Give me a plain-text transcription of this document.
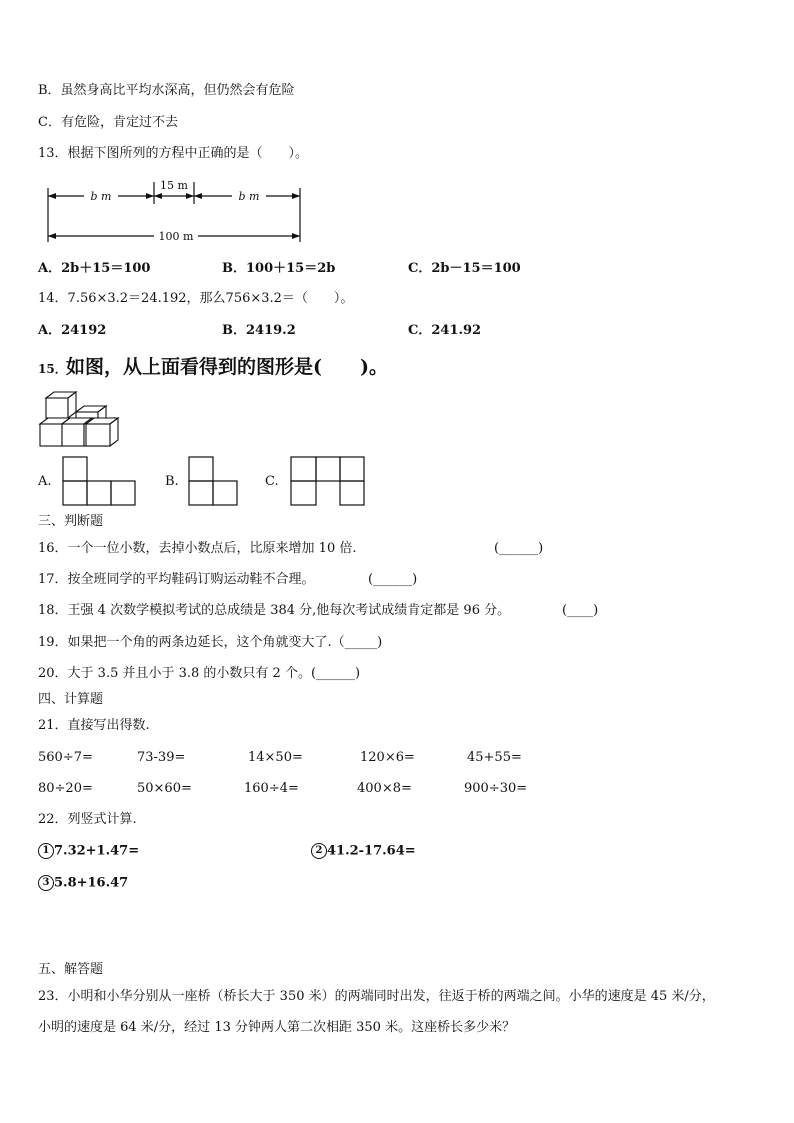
B．虽然身高比平均水深高，但仍然会有危险
C．有危险，肯定过不去
13．根据下图所列的方程中正确的是（　　）。
b m
15 m
b m
100 m
A．2b＋15＝100	B．100＋15＝2b	C．2b－15＝100
14．7.56×3.2＝24.192，那么756×3.2＝（　　）。
A．24192	B．2419.2	C．241.92
15． 如图，从上面看得到的图形是(　　)。
A.	B.	C.
三、判断题
16．一个一位小数，去掉小数点后，比原来增加 10 倍.	(______)
17．按全班同学的平均鞋码订购运动鞋不合理。	(______)
18．王强 4 次数学模拟考试的总成绩是 384 分,他每次考试成绩肯定都是 96 分。	(____)
19．如果把一个角的两条边延长，这个角就变大了.（_____)
20．大于 3.5 并且小于 3.8 的小数只有 2 个。(______)
四、计算题
21．直接写出得数.
560÷7=	73-39=	14×50=	120×6=	45+55=
80÷20=	50×60=	160÷4=	400×8=	900÷30=
22．列竖式计算.
1 7.32+1.47=	2 41.2-17.64=
3 5.8+16.47
五、解答题
23．小明和小华分别从一座桥（桥长大于 350 米）的两端同时出发，往返于桥的两端之间。小华的速度是 45 米/分，
小明的速度是 64 米/分，经过 13 分钟两人第二次相距 350 米。这座桥长多少米？
